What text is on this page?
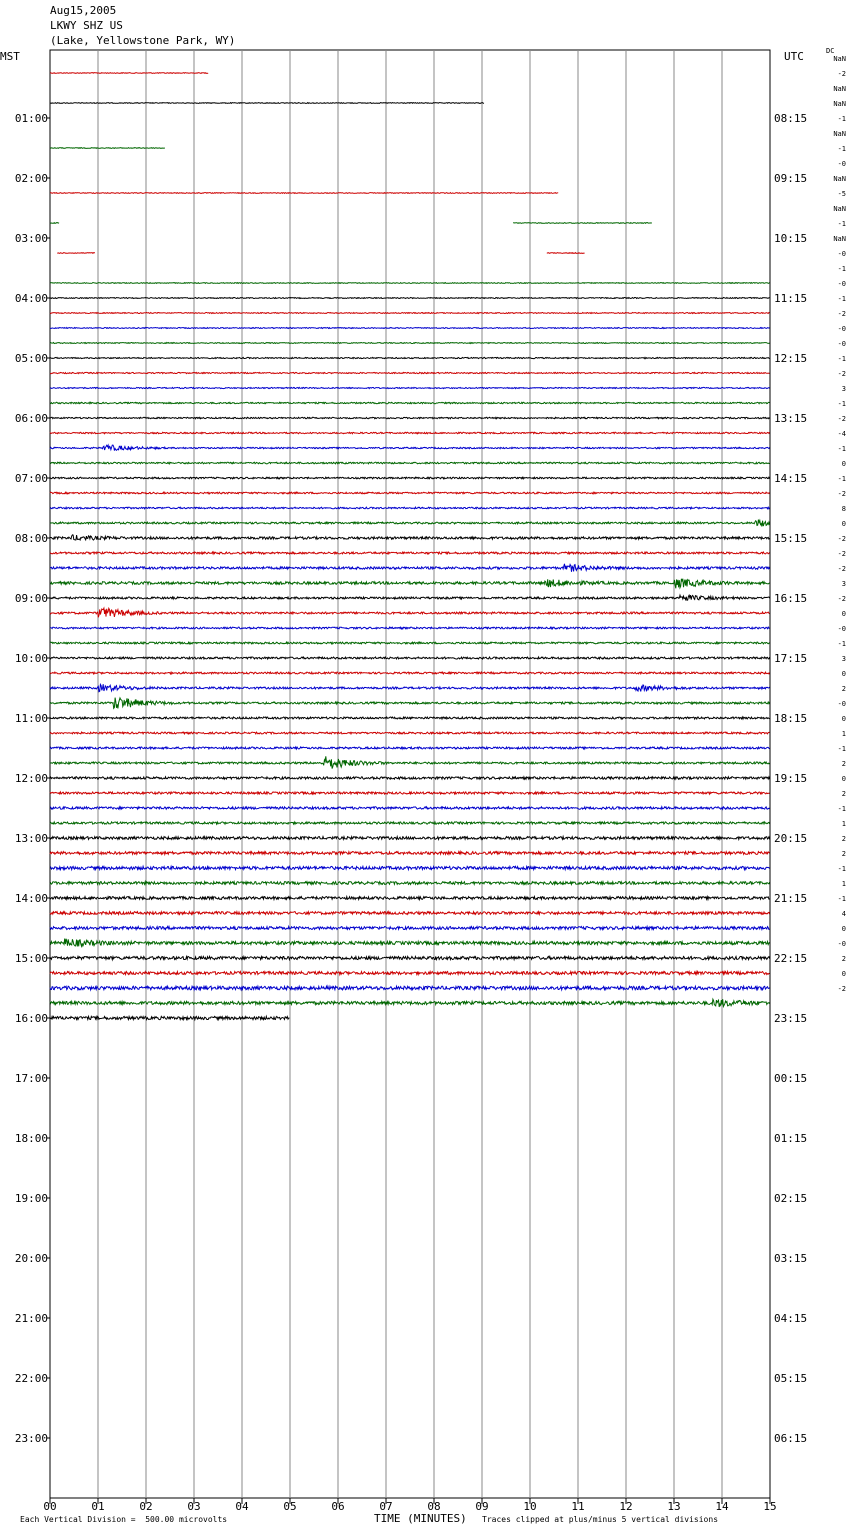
Aug15,2005
LKWY SHZ US
(Lake, Yellowstone Park, WY)
MST	UTC	DC
Each Vertical Division =  500.00 microvolts	TIME (MINUTES) Traces clipped at plus/minus 5 vertical divisions
00	01	02	03	04	05	06	07	08	09	10	11	12	13	14	15
01:00
02:00
03:00
04:00
05:00
06:00
07:00
08:00
09:00
10:00
11:00
12:00
13:00
14:00
15:00
16:00
17:00
18:00
19:00
20:00
21:00
22:00
23:00
08:15
09:15
10:15
11:15
12:15
13:15
14:15
15:15
16:15
17:15
18:15
19:15
20:15
21:15
22:15
23:15
00:15
01:15
02:15
03:15
04:15
05:15
06:15
NaN
-2
NaN
NaN
-1
NaN
-1
-0
NaN
-5
NaN
-1
NaN
-0
-1
-0
-1
-2
-0
-0
-1
-2
3
-1
-2
-4
-1
0
-1
-2
8
0
-2
-2
-2
3
-2
0
-0
-1
3
0
2
-0
0
1
-1
2
0
2
-1
1
2
2
-1
1
-1
4
0
-0
2
0
-2
